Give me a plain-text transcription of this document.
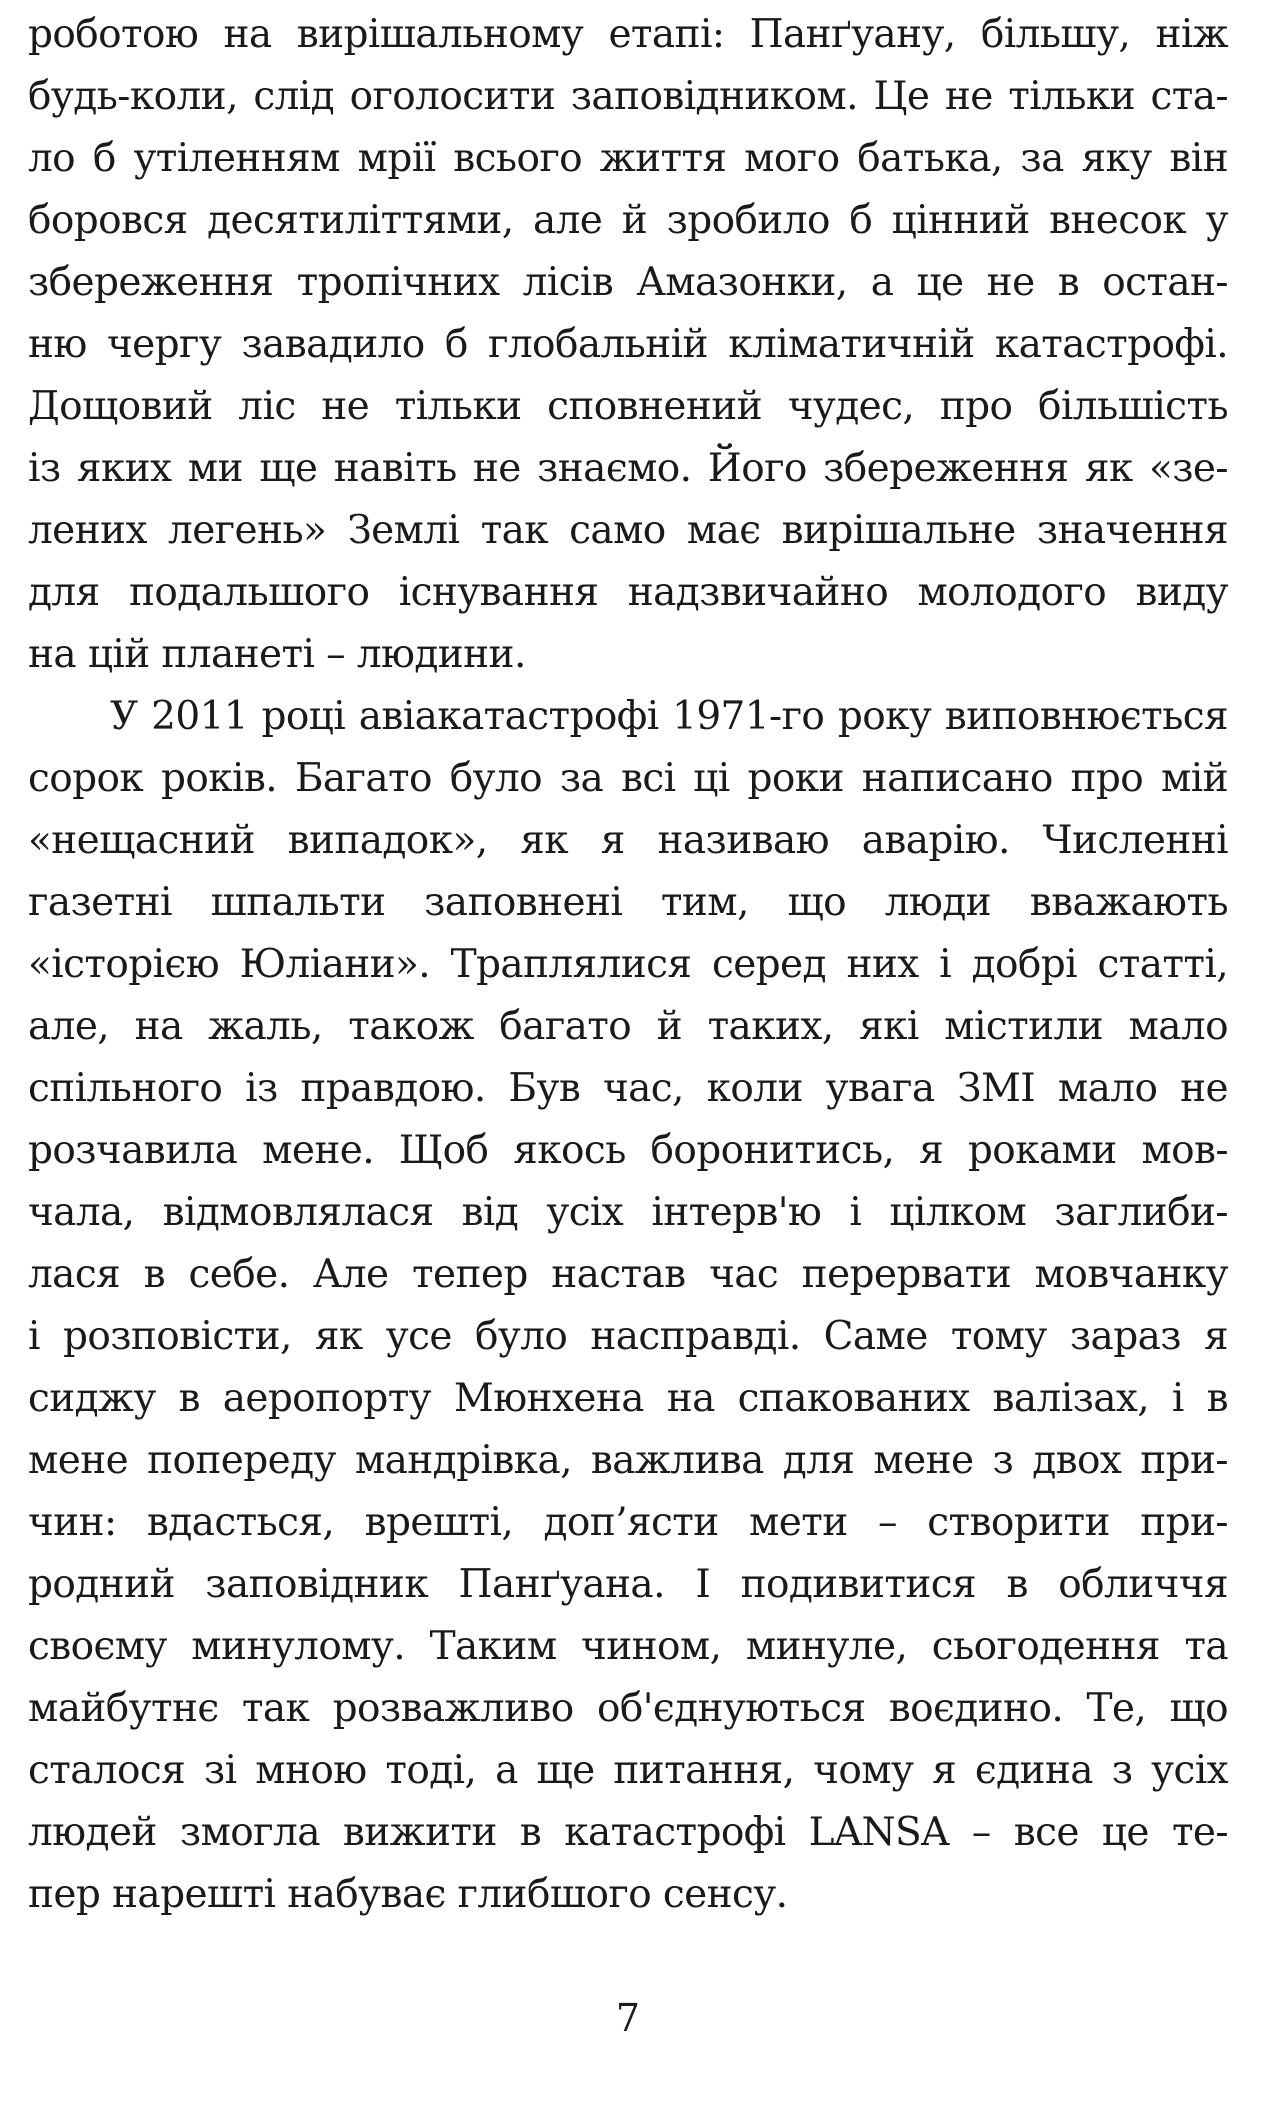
роботою на вирішальному етапі: Панґуану, більшу, ніж
будь-коли, слід оголосити заповідником. Це не тільки ста-
ло б утіленням мрії всього життя мого батька, за яку він
боровся десятиліттями, але й зробило б цінний внесок у
збереження тропічних лісів Амазонки, а це не в остан-
ню чергу завадило б глобальній кліматичній катастрофі.
Дощовий ліс не тільки сповнений чудес, про більшість
із яких ми ще навіть не знаємо. Його збереження як «зе-
лених легень» Землі так само має вирішальне значення
для подальшого існування надзвичайно молодого виду
на цій планеті – людини.
У 2011 році авіакатастрофі 1971-го року виповнюється
сорок років. Багато було за всі ці роки написано про мій
«нещасний випадок», як я називаю аварію. Численні
газетні шпальти заповнені тим, що люди вважають
«історією Юліани». Траплялися серед них і добрі статті,
але, на жаль, також багато й таких, які містили мало
спільного із правдою. Був час, коли увага ЗМІ мало не
розчавила мене. Щоб якось боронитись, я роками мов-
чала, відмовлялася від усіх інтерв'ю і цілком заглиби-
лася в себе. Але тепер настав час перервати мовчанку
і розповісти, як усе було насправді. Саме тому зараз я
сиджу в аеропорту Мюнхена на спакованих валізах, і в
мене попереду мандрівка, важлива для мене з двох при-
чин: вдасться, врешті, доп’ясти мети – створити при-
родний заповідник Панґуана. І подивитися в обличчя
своєму минулому. Таким чином, минуле, сьогодення та
майбутнє так розважливо об'єднуються воєдино. Те, що
сталося зі мною тоді, а ще питання, чому я єдина з усіх
людей змогла вижити в катастрофі LANSA – все це те-
пер нарешті набуває глибшого сенсу.
7
